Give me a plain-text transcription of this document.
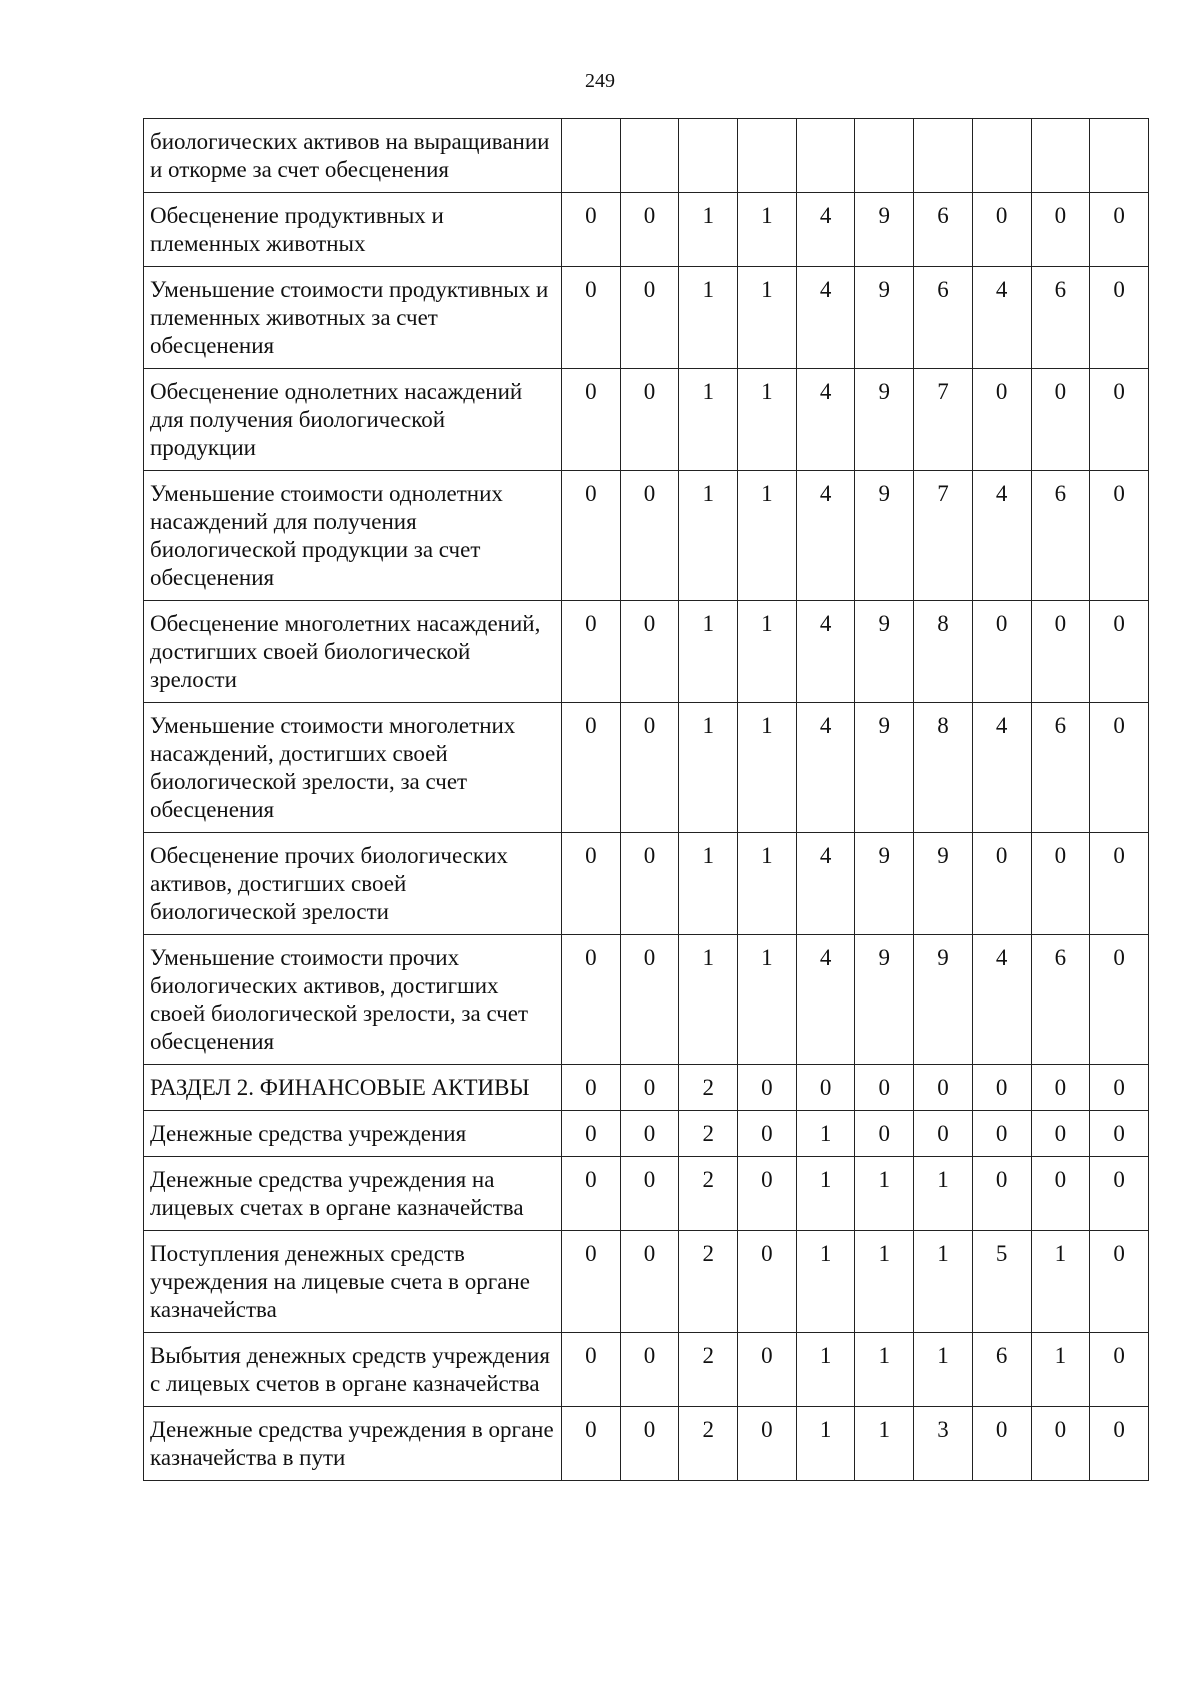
249
биологических активов на выращивании и откорме за счет обесценения										
Обесценение продуктивных и племенных животных	0	0	1	1	4	9	6	0	0	0
Уменьшение стоимости продуктивных и племенных животных за счет обесценения	0	0	1	1	4	9	6	4	6	0
Обесценение однолетних насаждений для получения биологической продукции	0	0	1	1	4	9	7	0	0	0
Уменьшение стоимости однолетних насаждений для получения биологической продукции за счет обесценения	0	0	1	1	4	9	7	4	6	0
Обесценение многолетних насаждений, достигших своей биологической зрелости	0	0	1	1	4	9	8	0	0	0
Уменьшение стоимости многолетних насаждений, достигших своей биологической зрелости, за счет обесценения	0	0	1	1	4	9	8	4	6	0
Обесценение прочих биологических активов, достигших своей биологической зрелости	0	0	1	1	4	9	9	0	0	0
Уменьшение стоимости прочих биологических активов, достигших своей биологической зрелости, за счет обесценения	0	0	1	1	4	9	9	4	6	0
РАЗДЕЛ 2. ФИНАНСОВЫЕ АКТИВЫ	0	0	2	0	0	0	0	0	0	0
Денежные средства учреждения	0	0	2	0	1	0	0	0	0	0
Денежные средства учреждения на лицевых счетах в органе казначейства	0	0	2	0	1	1	1	0	0	0
Поступления денежных средств учреждения на лицевые счета в органе казначейства	0	0	2	0	1	1	1	5	1	0
Выбытия денежных средств учреждения с лицевых счетов в органе казначейства	0	0	2	0	1	1	1	6	1	0
Денежные средства учреждения в органе казначейства в пути	0	0	2	0	1	1	3	0	0	0
